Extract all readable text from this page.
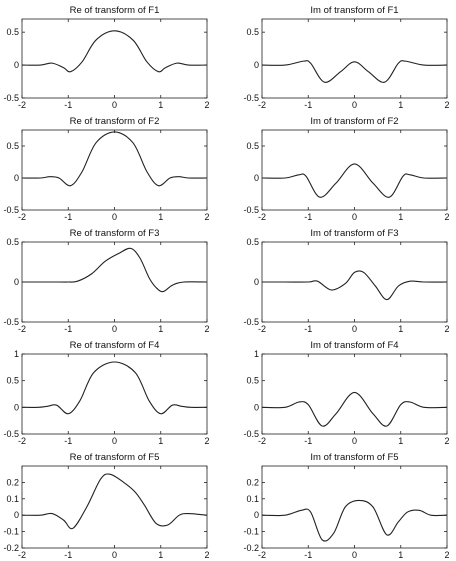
Re of transform of F1
-2	-1	0	1	2
0.5
0
-0.5
Im of transform of F1
-2	-1	0	1	2
0.5
0
-0.5
Re of transform of F2
-2	-1	0	1	2
0.5
0
-0.5
Im of transform of F2
-2	-1	0	1	2
0.5
0
-0.5
Re of transform of F3
-2	-1	0	1	2
0.5
0
-0.5
Im of transform of F3
-2	-1	0	1	2
0.5
0
-0.5
Re of transform of F4
-2	-1	0	1	2
1
0.5
0
-0.5
Im of transform of F4
-2	-1	0	1	2
1
0.5
0
-0.5
Re of transform of F5
-2	-1	0	1	2
0.2
0.1
0
-0.1
-0.2
Im of transform of F5
-2	-1	0	1	2
0.2
0.1
0
-0.1
-0.2
